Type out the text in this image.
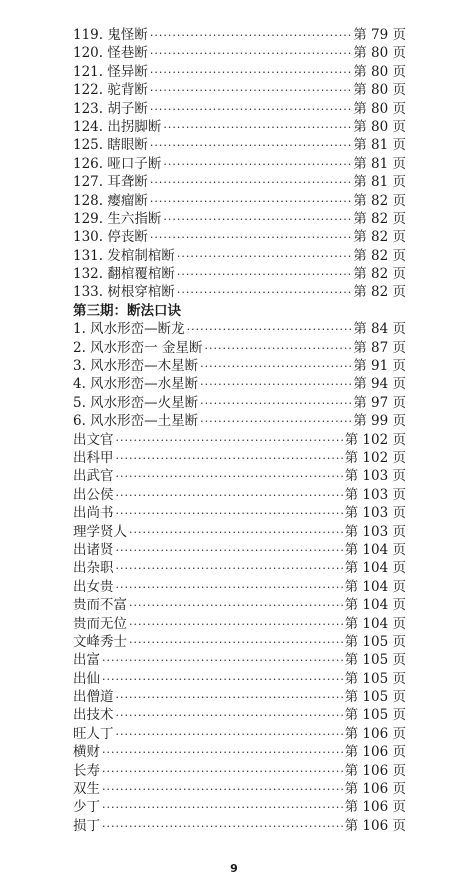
119. 鬼怪断 ·····	第 79 页
120. 怪巷断 ·····	第 80 页
121. 怪异断 ·····	第 80 页
122. 驼背断 ·····	第 80 页
123. 胡子断 ·····	第 80 页
124. 出拐脚断 ·····	第 80 页
125. 瞎眼断 ·····	第 81 页
126. 哑口子断 ·····	第 81 页
127. 耳聋断 ·····	第 81 页
128. 瘿瘤断 ·····	第 82 页
129. 生六指断 ·····	第 82 页
130. 停丧断 ·····	第 82 页
131. 发棺制棺断 ·····	第 82 页
132. 翻棺覆棺断 ·····	第 82 页
133. 树根穿棺断 ·····	第 82 页
第三期：断法口诀
1. 风水形峦—断龙 ·····	第 84 页
2. 风水形峦一 金星断 ·····	第 87 页
3. 风水形峦—木星断 ·····	第 91 页
4. 风水形峦—水星断 ·····	第 94 页
5. 风水形峦—火星断 ·····	第 97 页
6. 风水形峦—土星断 ·····	第 99 页
出文官 ·····	第 102 页
出科甲 ·····	第 102 页
出武官 ·····	第 103 页
出公侯 ·····	第 103 页
出尚书 ·····	第 103 页
理学贤人 ·····	第 103 页
出诸贤 ·····	第 104 页
出杂职 ·····	第 104 页
出女贵 ·····	第 104 页
贵而不富 ·····	第 104 页
贵而无位 ·····	第 104 页
文峰秀士 ·····	第 105 页
出富 ·····	第 105 页
出仙 ·····	第 105 页
出僧道 ·····	第 105 页
出技术 ·····	第 105 页
旺人丁 ·····	第 106 页
横财 ·····	第 106 页
长寿 ·····	第 106 页
双生 ·····	第 106 页
少丁 ·····	第 106 页
损丁 ·····	第 106 页
9
